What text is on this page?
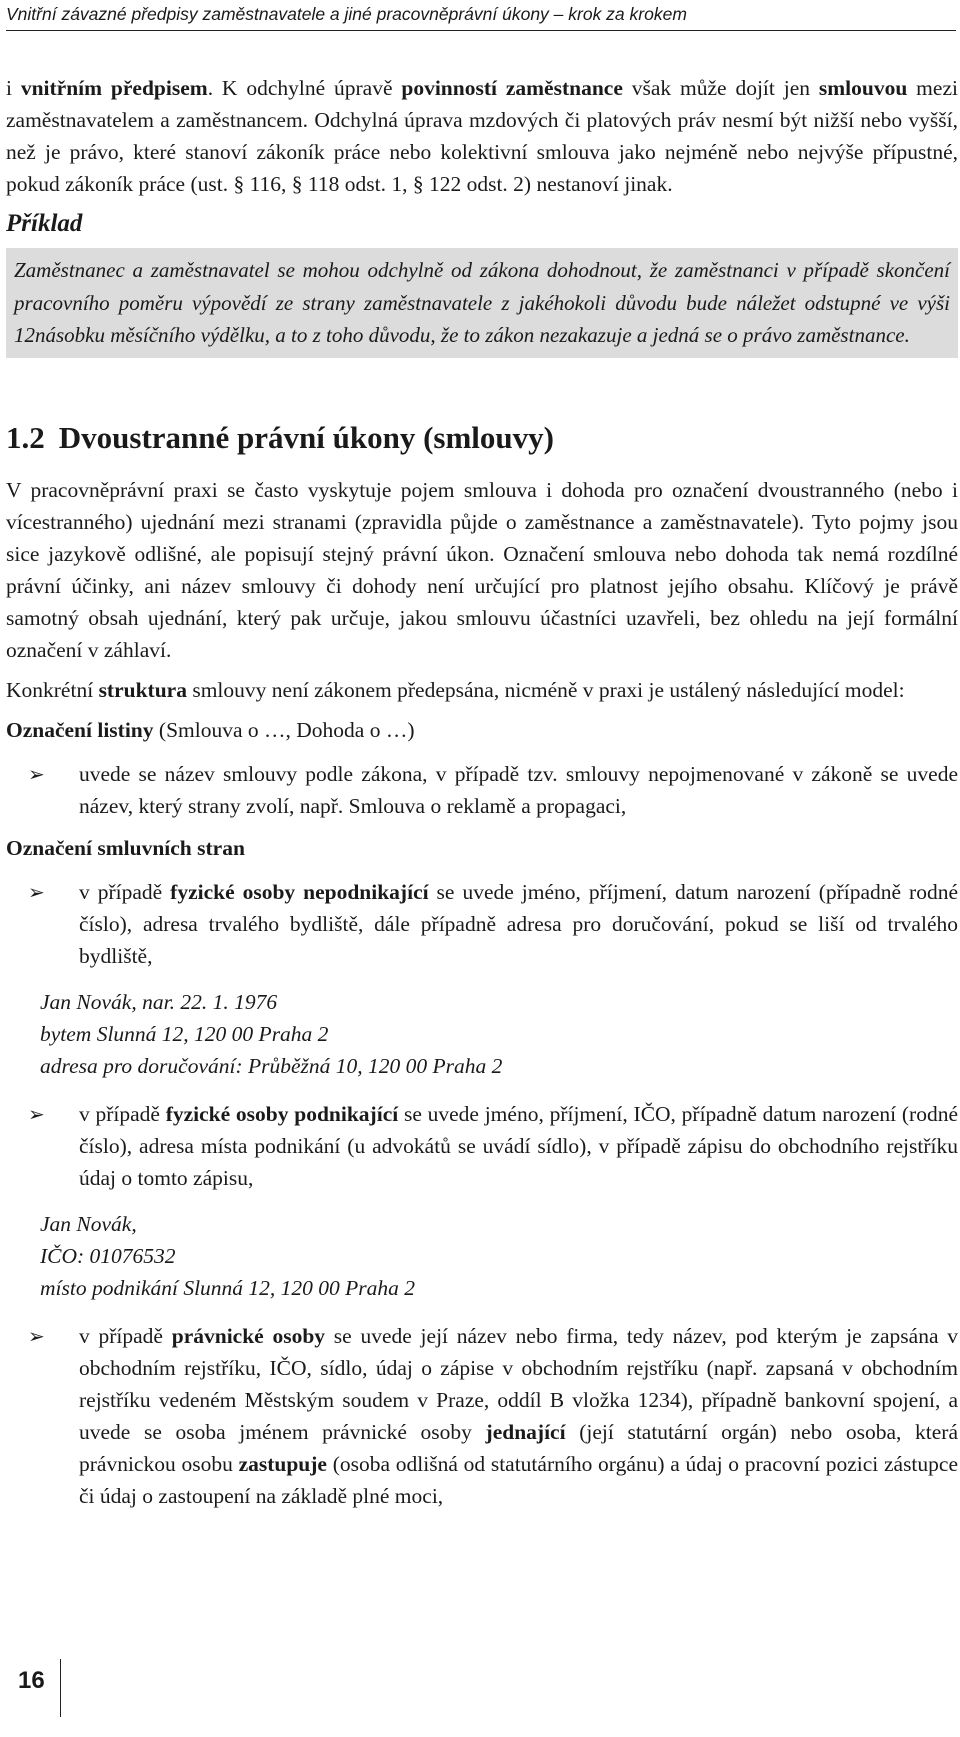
Vnitřní závazné předpisy zaměstnavatele a jiné pracovněprávní úkony – krok za krokem

i vnitřním předpisem. K odchylné úpravě povinností zaměstnance však může dojít jen smlouvou mezi zaměstnavatelem a zaměstnancem. Odchylná úprava mzdových či platových práv nesmí být nižší nebo vyšší, než je právo, které stanoví zákoník práce nebo kolektivní smlouva jako nejméně nebo nejvýše přípustné, pokud zákoník práce (ust. § 116, § 118 odst. 1, § 122 odst. 2) nestanoví jinak.

Příklad

Zaměstnanec a zaměstnavatel se mohou odchylně od zákona dohodnout, že zaměstnanci v případě skončení pracovního poměru výpovědí ze strany zaměstnavatele z jakéhokoli důvodu bude náležet odstupné ve výši 12násobku měsíčního výdělku, a to z toho důvodu, že to zákon nezakazuje a jedná se o právo zaměstnance.

1.2 Dvoustranné právní úkony (smlouvy)

V pracovněprávní praxi se často vyskytuje pojem smlouva i dohoda pro označení dvoustranného (nebo i vícestranného) ujednání mezi stranami (zpravidla půjde o zaměstnance a zaměstnavatele). Tyto pojmy jsou sice jazykově odlišné, ale popisují stejný právní úkon. Označení smlouva nebo dohoda tak nemá rozdílné právní účinky, ani název smlouvy či dohody není určující pro platnost jejího obsahu. Klíčový je právě samotný obsah ujednání, který pak určuje, jakou smlouvu účastníci uzavřeli, bez ohledu na její formální označení v záhlaví.

Konkrétní struktura smlouvy není zákonem předepsána, nicméně v praxi je ustálený následující model:

Označení listiny (Smlouva o …, Dohoda o …)
➢ uvede se název smlouvy podle zákona, v případě tzv. smlouvy nepojmenované v zákoně se uvede název, který strany zvolí, např. Smlouva o reklamě a propagaci,

Označení smluvních stran
➢ v případě fyzické osoby nepodnikající se uvede jméno, příjmení, datum narození (případně rodné číslo), adresa trvalého bydliště, dále případně adresa pro doručování, pokud se liší od trvalého bydliště,

Jan Novák, nar. 22. 1. 1976
bytem Slunná 12, 120 00 Praha 2
adresa pro doručování: Průběžná 10, 120 00 Praha 2
➢ v případě fyzické osoby podnikající se uvede jméno, příjmení, IČO, případně datum narození (rodné číslo), adresa místa podnikání (u advokátů se uvádí sídlo), v případě zápisu do obchodního rejstříku údaj o tomto zápisu,

Jan Novák,
IČO: 01076532
místo podnikání Slunná 12, 120 00 Praha 2
➢ v případě právnické osoby se uvede její název nebo firma, tedy název, pod kterým je zapsána v obchodním rejstříku, IČO, sídlo, údaj o zápise v obchodním rejstříku (např. zapsaná v obchodním rejstříku vedeném Městským soudem v Praze, oddíl B vložka 1234), případně bankovní spojení, a uvede se osoba jménem právnické osoby jednající (její statutární orgán) nebo osoba, která právnickou osobu zastupuje (osoba odlišná od statutárního orgánu) a údaj o pracovní pozici zástupce či údaj o zastoupení na základě plné moci,

16
